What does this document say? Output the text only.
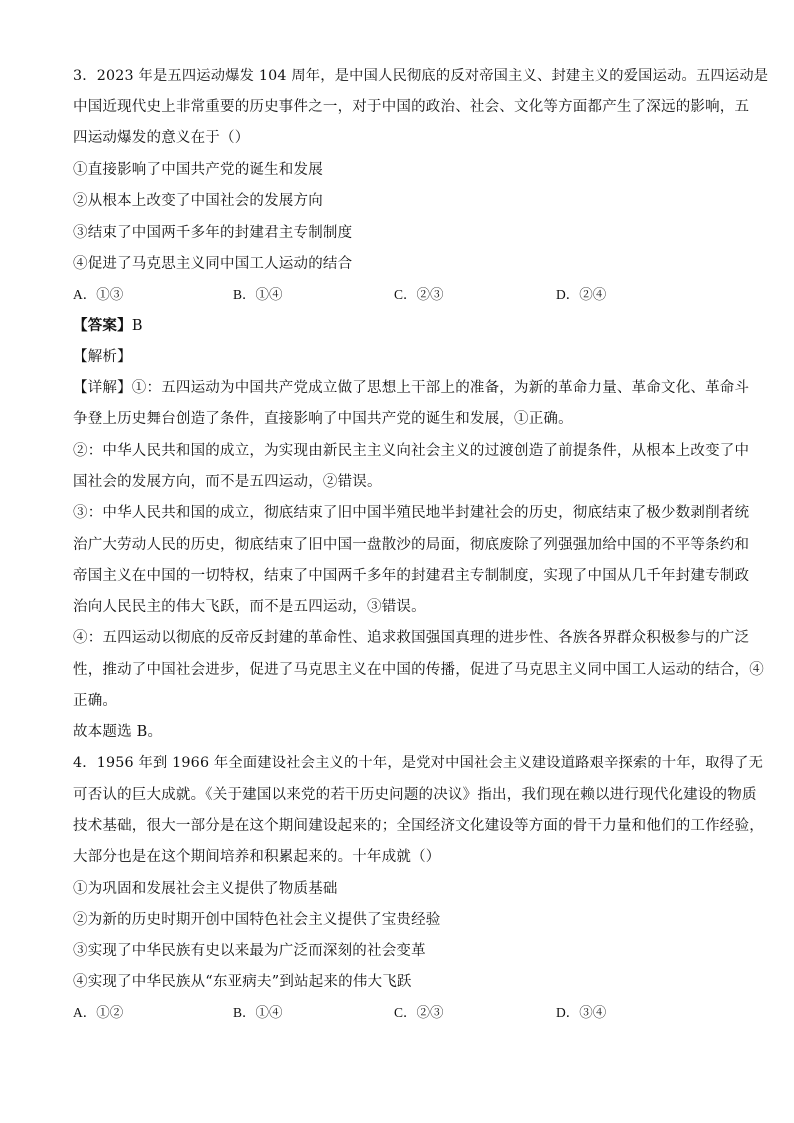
3．2023 年是五四运动爆发 104 周年，是中国人民彻底的反对帝国主义、封建主义的爱国运动。五四运动是
中国近现代史上非常重要的历史事件之一，对于中国的政治、社会、文化等方面都产生了深远的影响，五
四运动爆发的意义在于（）
①直接影响了中国共产党的诞生和发展
②从根本上改变了中国社会的发展方向
③结束了中国两千多年的封建君主专制制度
④促进了马克思主义同中国工人运动的结合
A．①③	B．①④	C．②③	D．②④
【答案】B
【解析】
【详解】①：五四运动为中国共产党成立做了思想上干部上的准备，为新的革命力量、革命文化、革命斗
争登上历史舞台创造了条件，直接影响了中国共产党的诞生和发展，①正确。
②：中华人民共和国的成立，为实现由新民主主义向社会主义的过渡创造了前提条件，从根本上改变了中
国社会的发展方向，而不是五四运动，②错误。
③：中华人民共和国的成立，彻底结束了旧中国半殖民地半封建社会的历史，彻底结束了极少数剥削者统
治广大劳动人民的历史，彻底结束了旧中国一盘散沙的局面，彻底废除了列强强加给中国的不平等条约和
帝国主义在中国的一切特权，结束了中国两千多年的封建君主专制制度，实现了中国从几千年封建专制政
治向人民民主的伟大飞跃，而不是五四运动，③错误。
④：五四运动以彻底的反帝反封建的革命性、追求救国强国真理的进步性、各族各界群众积极参与的广泛
性，推动了中国社会进步，促进了马克思主义在中国的传播，促进了马克思主义同中国工人运动的结合，④
正确。
故本题选 B。
4．1956 年到 1966 年全面建设社会主义的十年，是党对中国社会主义建设道路艰辛探索的十年，取得了无
可否认的巨大成就。《关于建国以来党的若干历史问题的决议》指出，我们现在赖以进行现代化建设的物质
技术基础，很大一部分是在这个期间建设起来的；全国经济文化建设等方面的骨干力量和他们的工作经验，
大部分也是在这个期间培养和积累起来的。十年成就（）
①为巩固和发展社会主义提供了物质基础
②为新的历史时期开创中国特色社会主义提供了宝贵经验
③实现了中华民族有史以来最为广泛而深刻的社会变革
④实现了中华民族从“东亚病夫”到站起来的伟大飞跃
A．①②	B．①④	C．②③	D．③④
